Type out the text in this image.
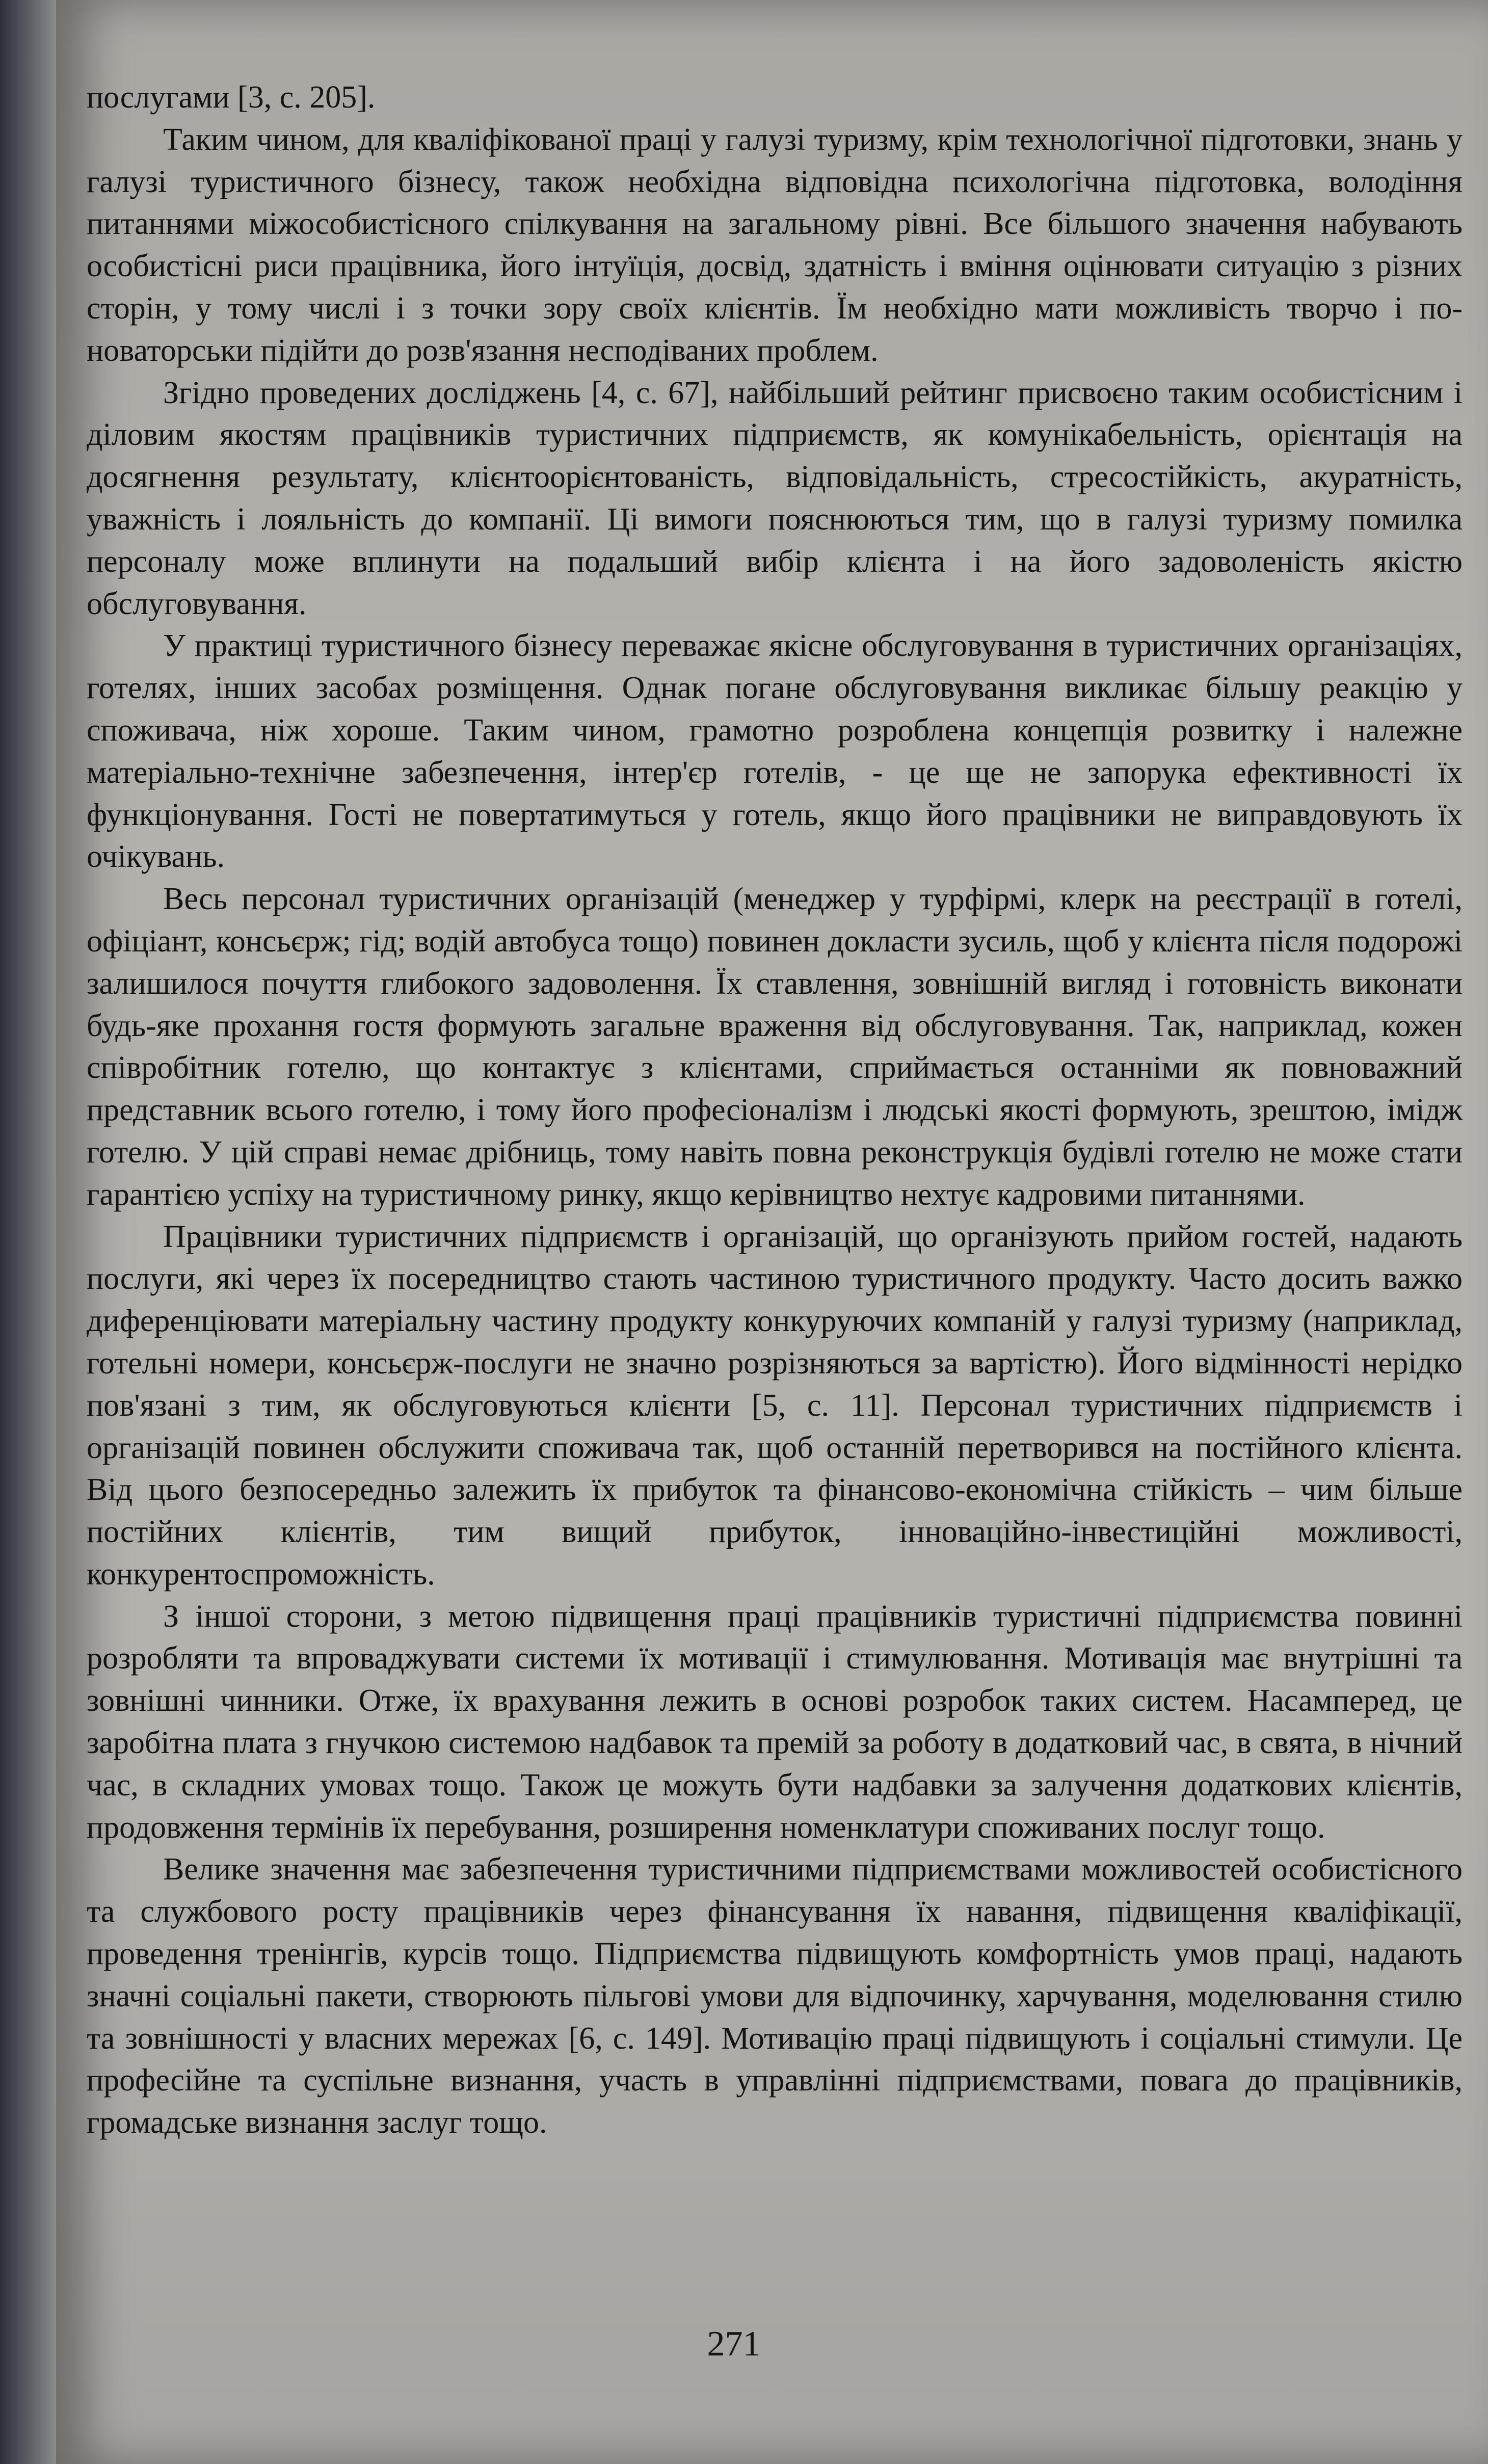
послугами [3, с. 205].

Таким чином, для кваліфікованої праці у галузі туризму, крім технологічної підготовки, знань у галузі туристичного бізнесу, також необхідна відповідна психологічна підготовка, володіння питаннями міжособистісного спілкування на загальному рівні. Все більшого значення набувають особистісні риси працівника, його інтуїція, досвід, здатність і вміння оцінювати ситуацію з різних сторін, у тому числі і з точки зору своїх клієнтів. Їм необхідно мати можливість творчо і по-новаторськи підійти до розв'язання несподіваних проблем.

Згідно проведених досліджень [4, с. 67], найбільший рейтинг присвоєно таким особистісним і діловим якостям працівників туристичних підприємств, як комунікабельність, орієнтація на досягнення результату, клієнтоорієнтованість, відповідальність, стресостійкість, акуратність, уважність і лояльність до компанії. Ці вимоги пояснюються тим, що в галузі туризму помилка персоналу може вплинути на подальший вибір клієнта і на його задоволеність якістю обслуговування.

У практиці туристичного бізнесу переважає якісне обслуговування в туристичних організаціях, готелях, інших засобах розміщення. Однак погане обслуговування викликає більшу реакцію у споживача, ніж хороше. Таким чином, грамотно розроблена концепція розвитку і належне матеріально-технічне забезпечення, інтер'єр готелів, - це ще не запорука ефективності їх функціонування. Гості не повертатимуться у готель, якщо його працівники не виправдовують їх очікувань.

Весь персонал туристичних організацій (менеджер у турфірмі, клерк на реєстрації в готелі, офіціант, консьєрж; гід; водій автобуса тощо) повинен докласти зусиль, щоб у клієнта після подорожі залишилося почуття глибокого задоволення. Їх ставлення, зовнішній вигляд і готовність виконати будь-яке прохання гостя формують загальне враження від обслуговування. Так, наприклад, кожен співробітник готелю, що контактує з клієнтами, сприймається останніми як повноважний представник всього готелю, і тому його професіоналізм і людські якості формують, зрештою, імідж готелю. У цій справі немає дрібниць, тому навіть повна реконструкція будівлі готелю не може стати гарантією успіху на туристичному ринку, якщо керівництво нехтує кадровими питаннями.

Працівники туристичних підприємств і організацій, що організують прийом гостей, надають послуги, які через їх посередництво стають частиною туристичного продукту. Часто досить важко диференціювати матеріальну частину продукту конкуруючих компаній у галузі туризму (наприклад, готельні номери, консьєрж-послуги не значно розрізняються за вартістю). Його відмінності нерідко пов'язані з тим, як обслуговуються клієнти [5, с. 11]. Персонал туристичних підприємств і організацій повинен обслужити споживача так, щоб останній перетворився на постійного клієнта. Від цього безпосередньо залежить їх прибуток та фінансово-економічна стійкість – чим більше постійних клієнтів, тим вищий прибуток, інноваційно-інвестиційні можливості, конкурентоспроможність.

З іншої сторони, з метою підвищення праці працівників туристичні підприємства повинні розробляти та впроваджувати системи їх мотивації і стимулювання. Мотивація має внутрішні та зовнішні чинники. Отже, їх врахування лежить в основі розробок таких систем. Насамперед, це заробітна плата з гнучкою системою надбавок та премій за роботу в додатковий час, в свята, в нічний час, в складних умовах тощо. Також це можуть бути надбавки за залучення додаткових клієнтів, продовження термінів їх перебування, розширення номенклатури споживаних послуг тощо.

Велике значення має забезпечення туристичними підприємствами можливостей особистісного та службового росту працівників через фінансування їх навання, підвищення кваліфікації, проведення тренінгів, курсів тощо. Підприємства підвищують комфортність умов праці, надають значні соціальні пакети, створюють пільгові умови для відпочинку, харчування, моделювання стилю та зовнішності у власних мережах [6, с. 149]. Мотивацію праці підвищують і соціальні стимули. Це професійне та суспільне визнання, участь в управлінні підприємствами, повага до працівників, громадське визнання заслуг тощо.

271
